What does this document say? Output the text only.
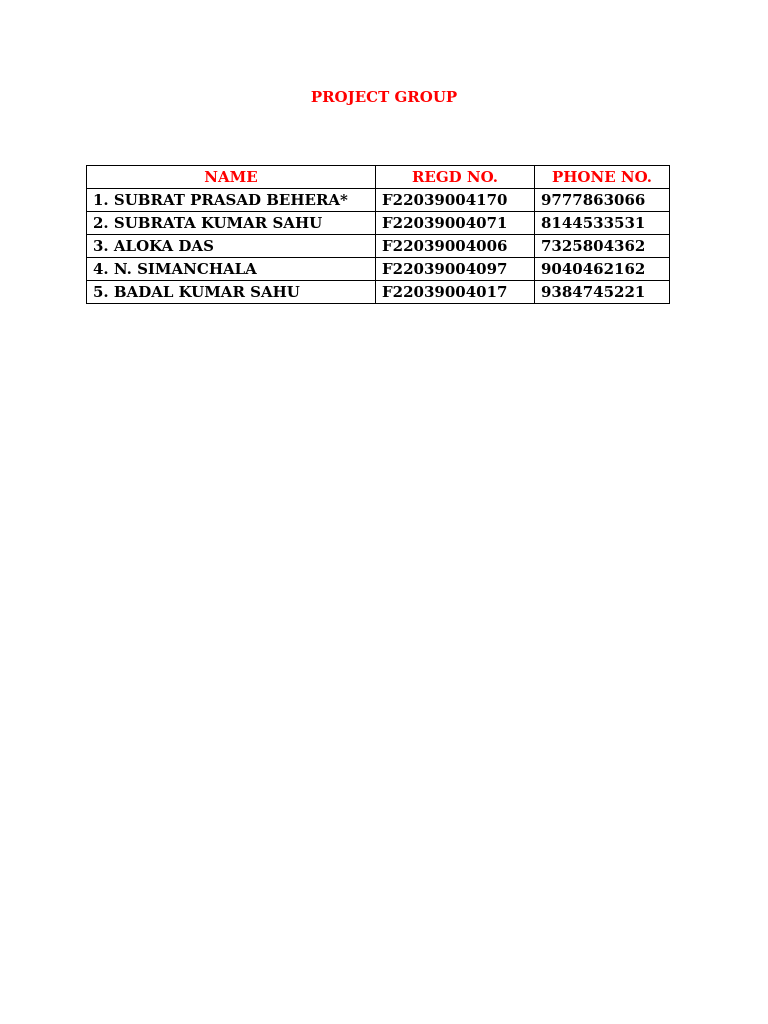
PROJECT GROUP
NAME	REGD NO.	PHONE NO.
1. SUBRAT PRASAD BEHERA*	F22039004170	9777863066
2. SUBRATA KUMAR SAHU	F22039004071	8144533531
3. ALOKA DAS	F22039004006	7325804362
4. N. SIMANCHALA	F22039004097	9040462162
5. BADAL KUMAR SAHU	F22039004017	9384745221
